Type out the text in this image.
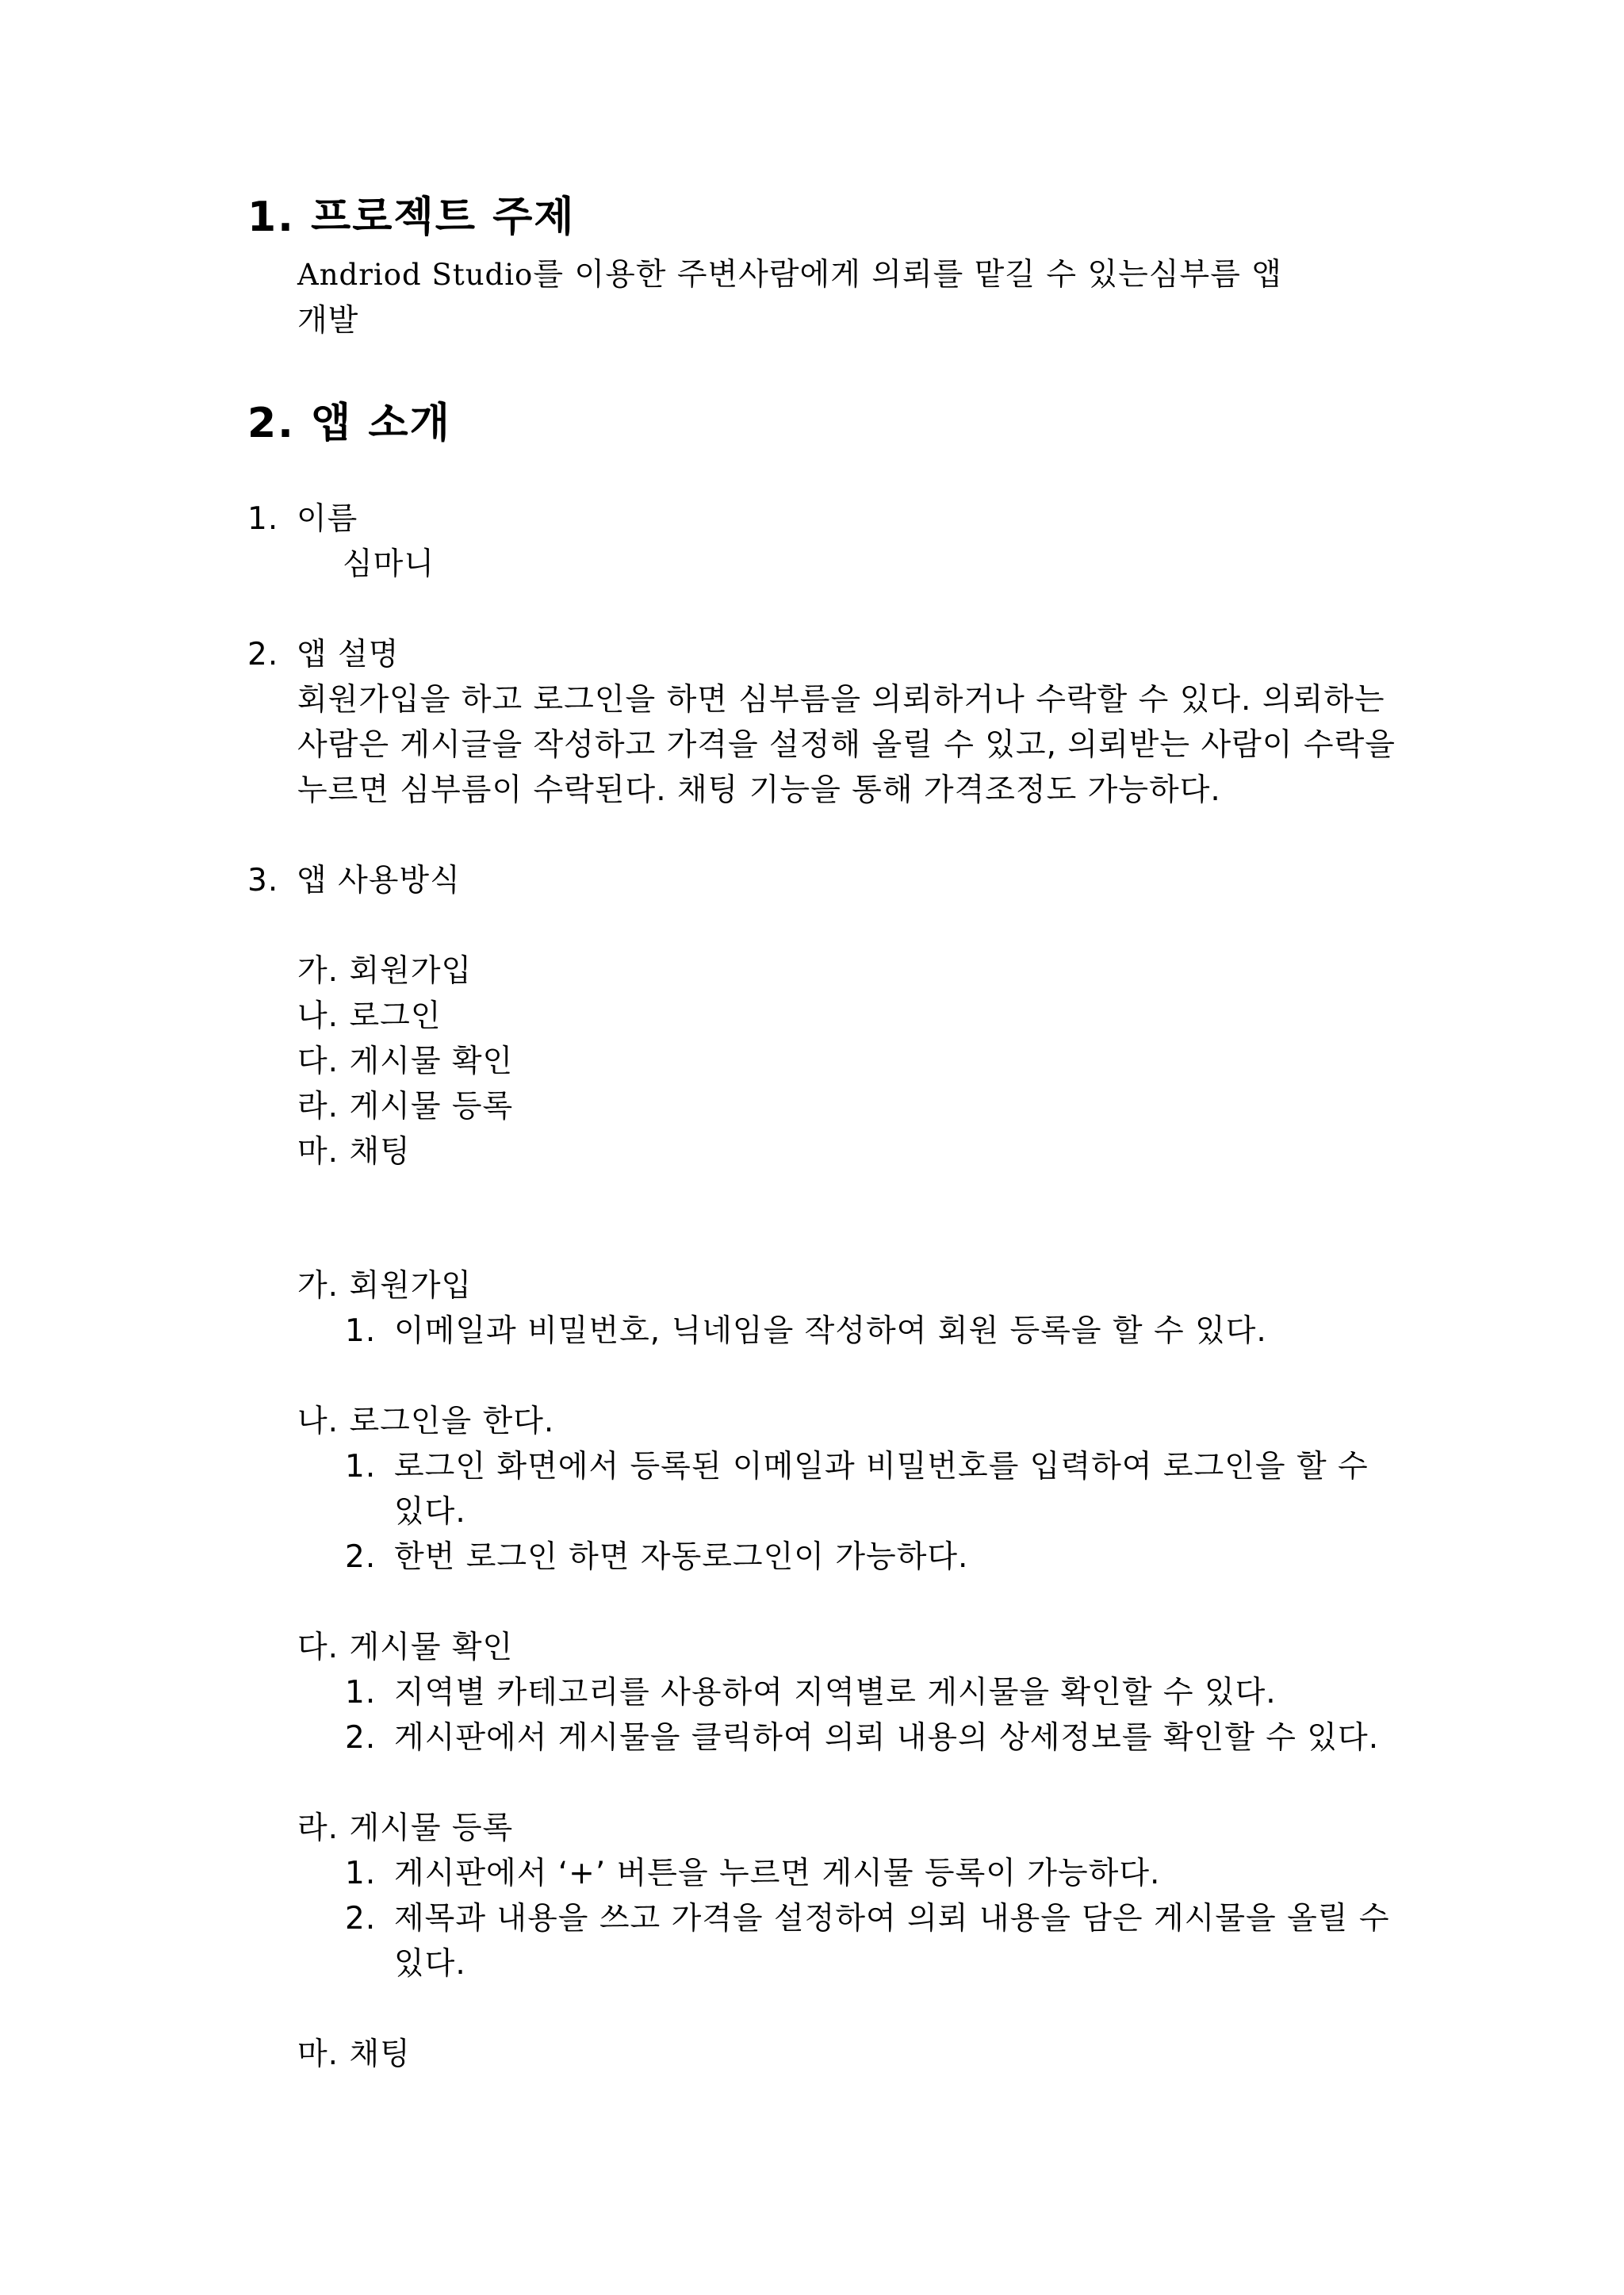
1. 프로젝트 주제
Andriod Studio를 이용한 주변사람에게 의뢰를 맡길 수 있는심부름 앱
개발
2. 앱 소개
1. 이름
심마니
2. 앱 설명
회원가입을 하고 로그인을 하면 심부름을 의뢰하거나 수락할 수 있다. 의뢰하는
사람은 게시글을 작성하고 가격을 설정해 올릴 수 있고, 의뢰받는 사람이 수락을
누르면 심부름이 수락된다. 채팅 기능을 통해 가격조정도 가능하다.
3. 앱 사용방식
가. 회원가입
나. 로그인
다. 게시물 확인
라. 게시물 등록
마. 채팅
가. 회원가입
1. 이메일과 비밀번호, 닉네임을 작성하여 회원 등록을 할 수 있다.
나. 로그인을 한다.
1. 로그인 화면에서 등록된 이메일과 비밀번호를 입력하여 로그인을 할 수
있다.
2. 한번 로그인 하면 자동로그인이 가능하다.
다. 게시물 확인
1. 지역별 카테고리를 사용하여 지역별로 게시물을 확인할 수 있다.
2. 게시판에서 게시물을 클릭하여 의뢰 내용의 상세정보를 확인할 수 있다.
라. 게시물 등록
1. 게시판에서 ‘+’ 버튼을 누르면 게시물 등록이 가능하다.
2. 제목과 내용을 쓰고 가격을 설정하여 의뢰 내용을 담은 게시물을 올릴 수
있다.
마. 채팅
